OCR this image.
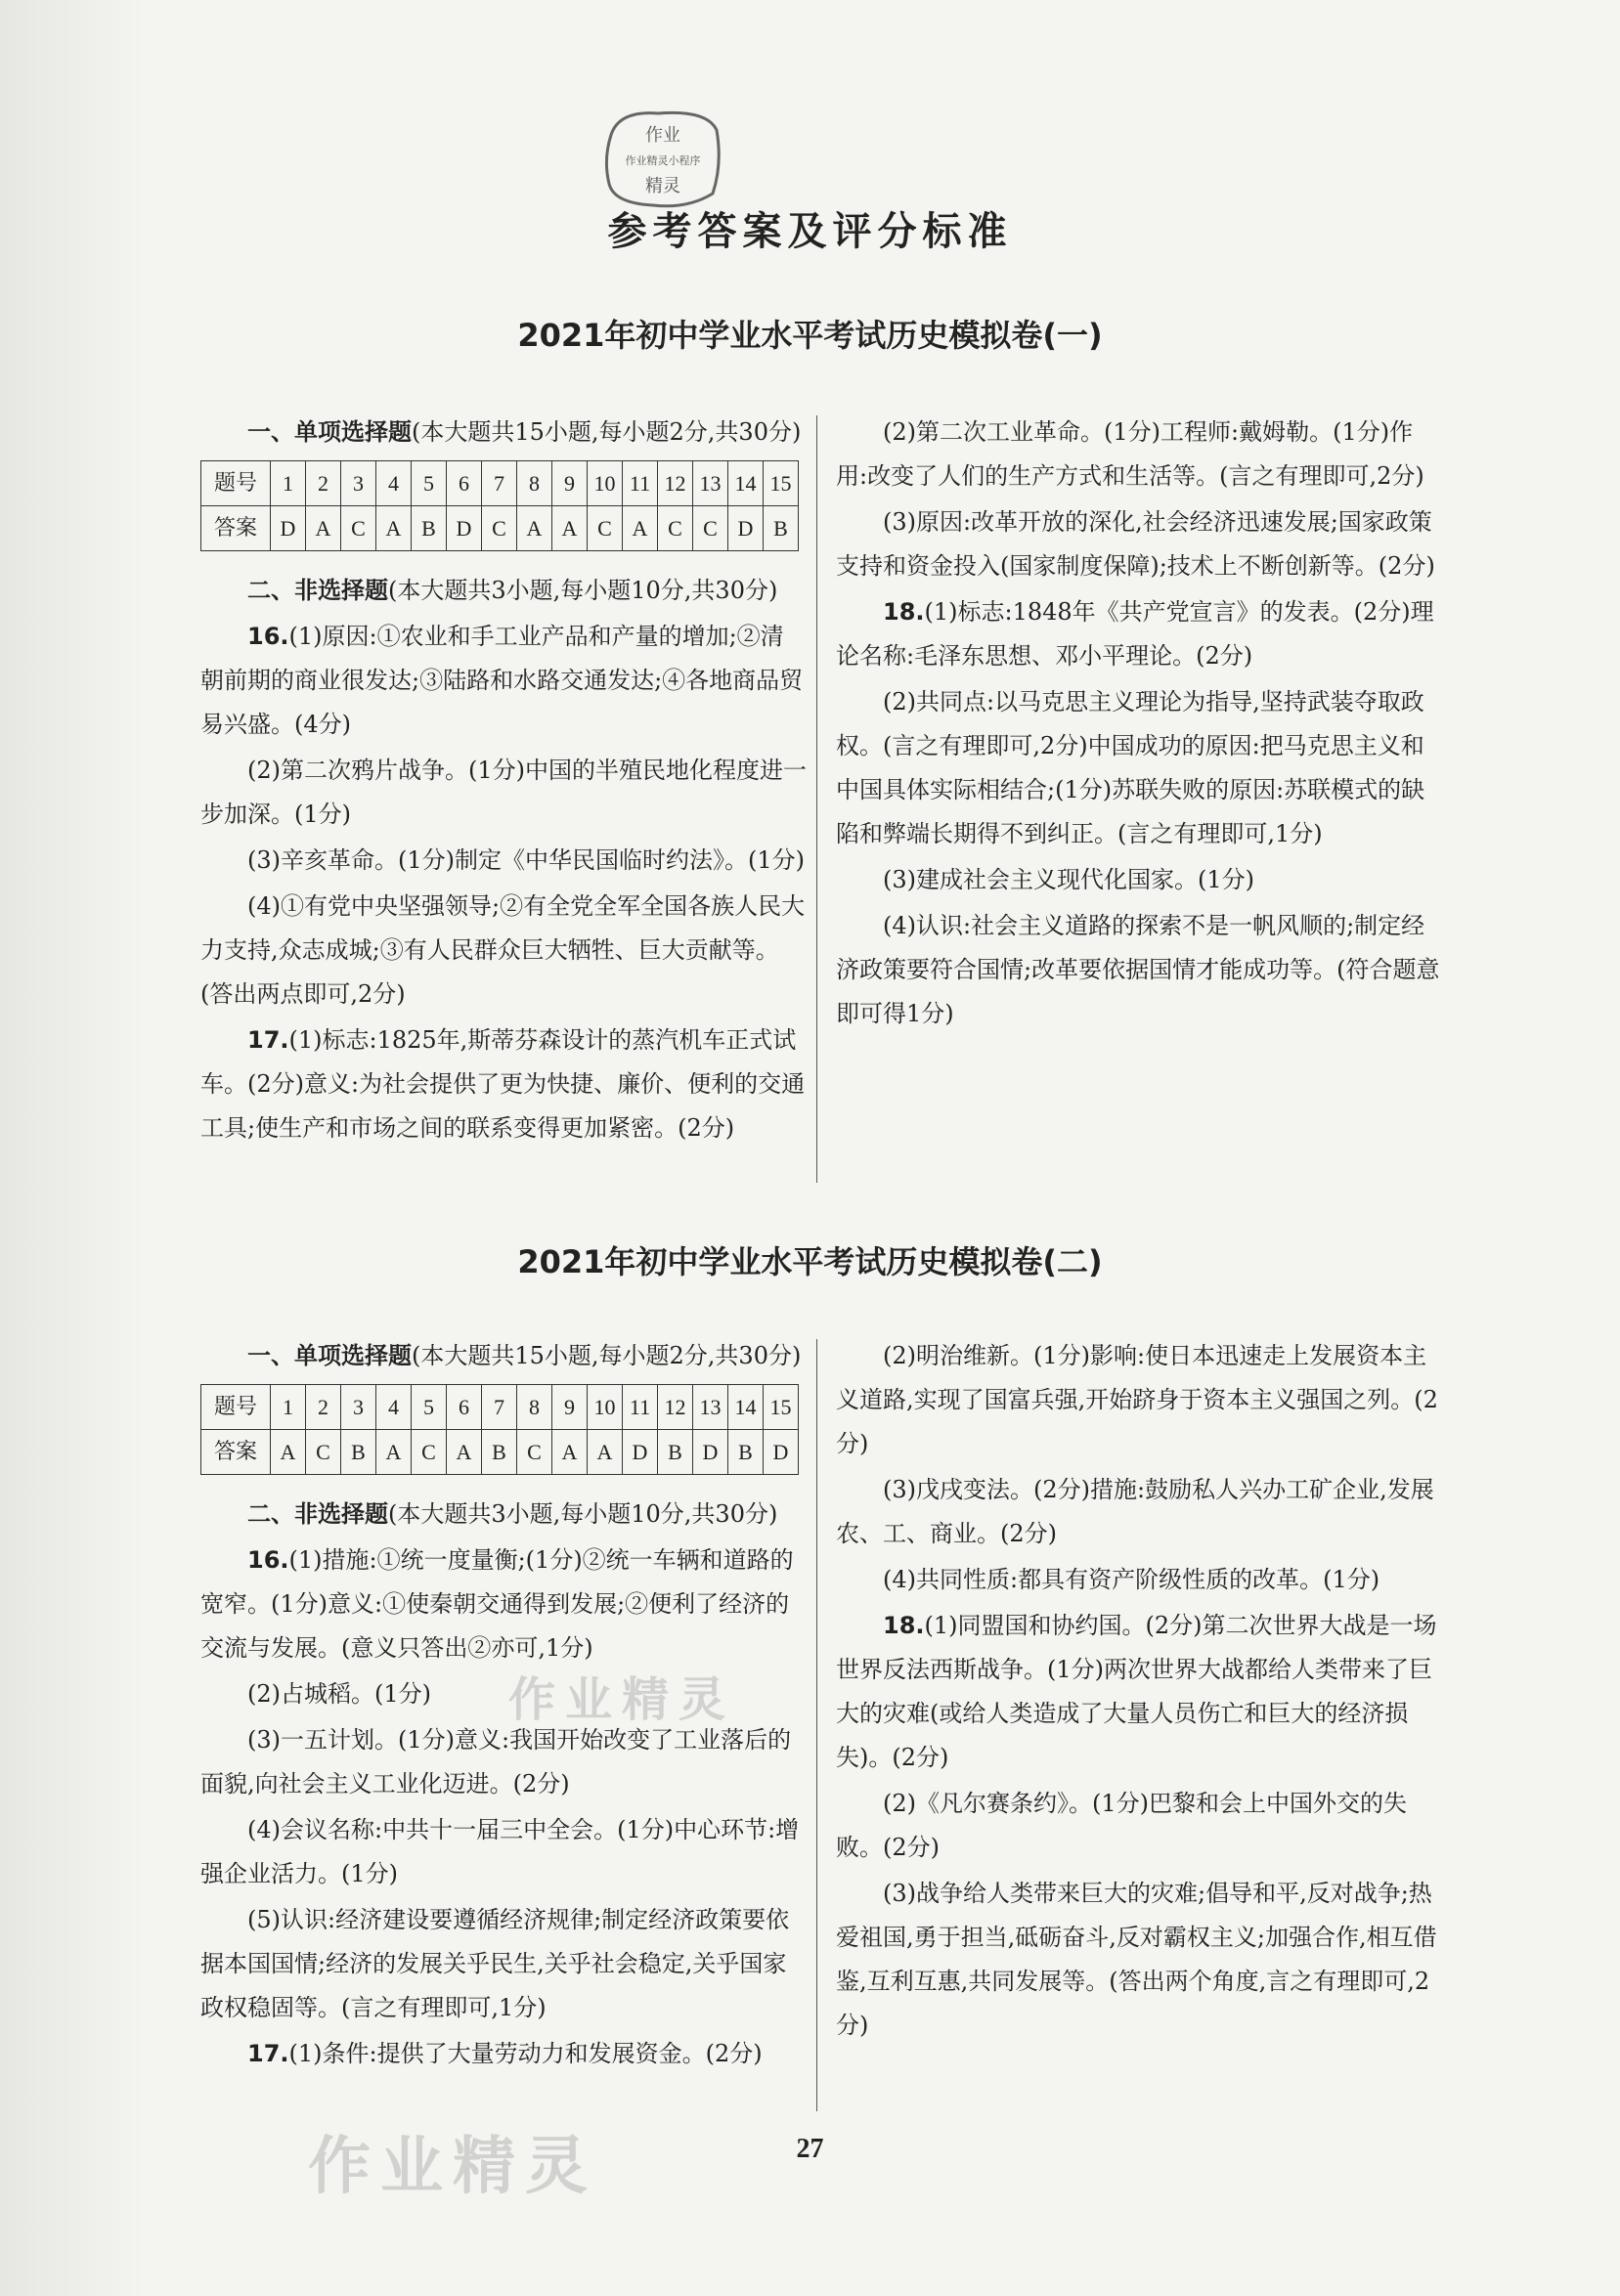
作业
作业精灵小程序
精灵
参考答案及评分标准
2021年初中学业水平考试历史模拟卷(一)

一、单项选择题(本大题共15小题,每小题2分,共30分)

题号	1	2	3	4	5	6	7	8	9	10	11	12	13	14	15
答案	D	A	C	A	B	D	C	A	A	C	A	C	C	D	B

二、非选择题(本大题共3小题,每小题10分,共30分)

16.(1)原因:①农业和手工业产品和产量的增加;②清朝前期的商业很发达;③陆路和水路交通发达;④各地商品贸易兴盛。(4分)

(2)第二次鸦片战争。(1分)中国的半殖民地化程度进一步加深。(1分)

(3)辛亥革命。(1分)制定《中华民国临时约法》。(1分)

(4)①有党中央坚强领导;②有全党全军全国各族人民大力支持,众志成城;③有人民群众巨大牺牲、巨大贡献等。(答出两点即可,2分)

17.(1)标志:1825年,斯蒂芬森设计的蒸汽机车正式试车。(2分)意义:为社会提供了更为快捷、廉价、便利的交通工具;使生产和市场之间的联系变得更加紧密。(2分)

(2)第二次工业革命。(1分)工程师:戴姆勒。(1分)作用:改变了人们的生产方式和生活等。(言之有理即可,2分)

(3)原因:改革开放的深化,社会经济迅速发展;国家政策支持和资金投入(国家制度保障);技术上不断创新等。(2分)

18.(1)标志:1848年《共产党宣言》的发表。(2分)理论名称:毛泽东思想、邓小平理论。(2分)

(2)共同点:以马克思主义理论为指导,坚持武装夺取政权。(言之有理即可,2分)中国成功的原因:把马克思主义和中国具体实际相结合;(1分)苏联失败的原因:苏联模式的缺陷和弊端长期得不到纠正。(言之有理即可,1分)

(3)建成社会主义现代化国家。(1分)

(4)认识:社会主义道路的探索不是一帆风顺的;制定经济政策要符合国情;改革要依据国情才能成功等。(符合题意即可得1分)

2021年初中学业水平考试历史模拟卷(二)

一、单项选择题(本大题共15小题,每小题2分,共30分)

题号	1	2	3	4	5	6	7	8	9	10	11	12	13	14	15
答案	A	C	B	A	C	A	B	C	A	A	D	B	D	B	D

二、非选择题(本大题共3小题,每小题10分,共30分)

16.(1)措施:①统一度量衡;(1分)②统一车辆和道路的宽窄。(1分)意义:①使秦朝交通得到发展;②便利了经济的交流与发展。(意义只答出②亦可,1分)

(2)占城稻。(1分)

(3)一五计划。(1分)意义:我国开始改变了工业落后的面貌,向社会主义工业化迈进。(2分)

(4)会议名称:中共十一届三中全会。(1分)中心环节:增强企业活力。(1分)

(5)认识:经济建设要遵循经济规律;制定经济政策要依据本国国情;经济的发展关乎民生,关乎社会稳定,关乎国家政权稳固等。(言之有理即可,1分)

17.(1)条件:提供了大量劳动力和发展资金。(2分)

(2)明治维新。(1分)影响:使日本迅速走上发展资本主义道路,实现了国富兵强,开始跻身于资本主义强国之列。(2分)

(3)戊戌变法。(2分)措施:鼓励私人兴办工矿企业,发展农、工、商业。(2分)

(4)共同性质:都具有资产阶级性质的改革。(1分)

18.(1)同盟国和协约国。(2分)第二次世界大战是一场世界反法西斯战争。(1分)两次世界大战都给人类带来了巨大的灾难(或给人类造成了大量人员伤亡和巨大的经济损失)。(2分)

(2)《凡尔赛条约》。(1分)巴黎和会上中国外交的失败。(2分)

(3)战争给人类带来巨大的灾难;倡导和平,反对战争;热爱祖国,勇于担当,砥砺奋斗,反对霸权主义;加强合作,相互借鉴,互利互惠,共同发展等。(答出两个角度,言之有理即可,2分)

作业精灵
作业精灵	27
